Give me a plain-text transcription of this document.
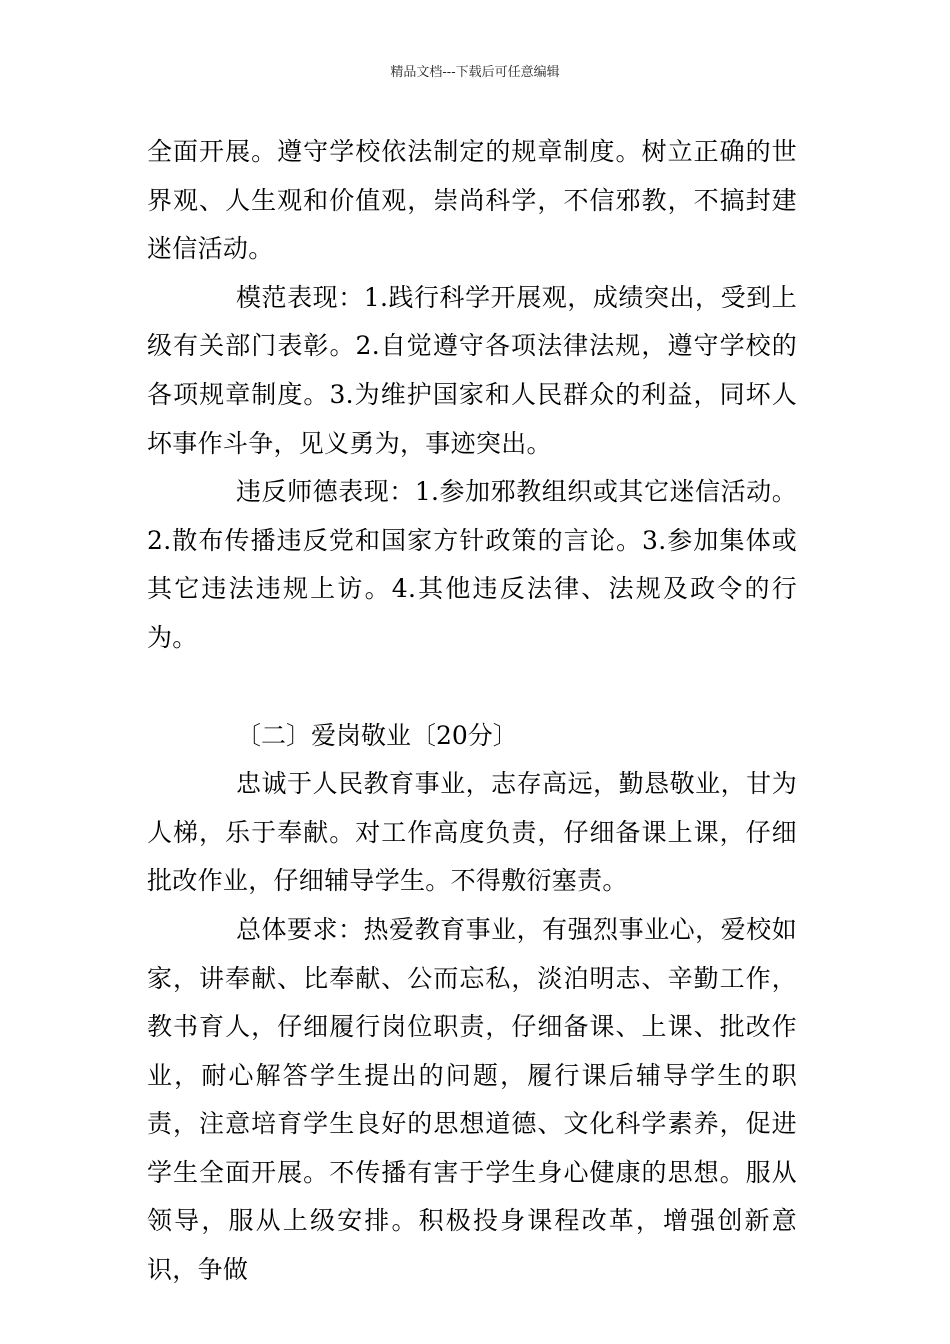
精品文档---下载后可任意编辑

全面开展。遵守学校依法制定的规章制度。树立正确的世界观、人生观和价值观，崇尚科学，不信邪教，不搞封建迷信活动。

模范表现：1.践行科学开展观，成绩突出，受到上级有关部门表彰。2.自觉遵守各项法律法规，遵守学校的各项规章制度。3.为维护国家和人民群众的利益，同坏人坏事作斗争，见义勇为，事迹突出。

违反师德表现：1.参加邪教组织或其它迷信活动。2.散布传播违反党和国家方针政策的言论。3.参加集体或其它违法违规上访。4.其他违反法律、法规及政令的行为。

〔二〕爱岗敬业〔20分〕

忠诚于人民教育事业，志存高远，勤恳敬业，甘为人梯，乐于奉献。对工作高度负责，仔细备课上课，仔细批改作业，仔细辅导学生。不得敷衍塞责。

总体要求：热爱教育事业，有强烈事业心，爱校如家，讲奉献、比奉献、公而忘私，淡泊明志、辛勤工作，教书育人，仔细履行岗位职责，仔细备课、上课、批改作业，耐心解答学生提出的问题，履行课后辅导学生的职责，注意培育学生良好的思想道德、文化科学素养，促进学生全面开展。不传播有害于学生身心健康的思想。服从领导，服从上级安排。积极投身课程改革，增强创新意识，争做
